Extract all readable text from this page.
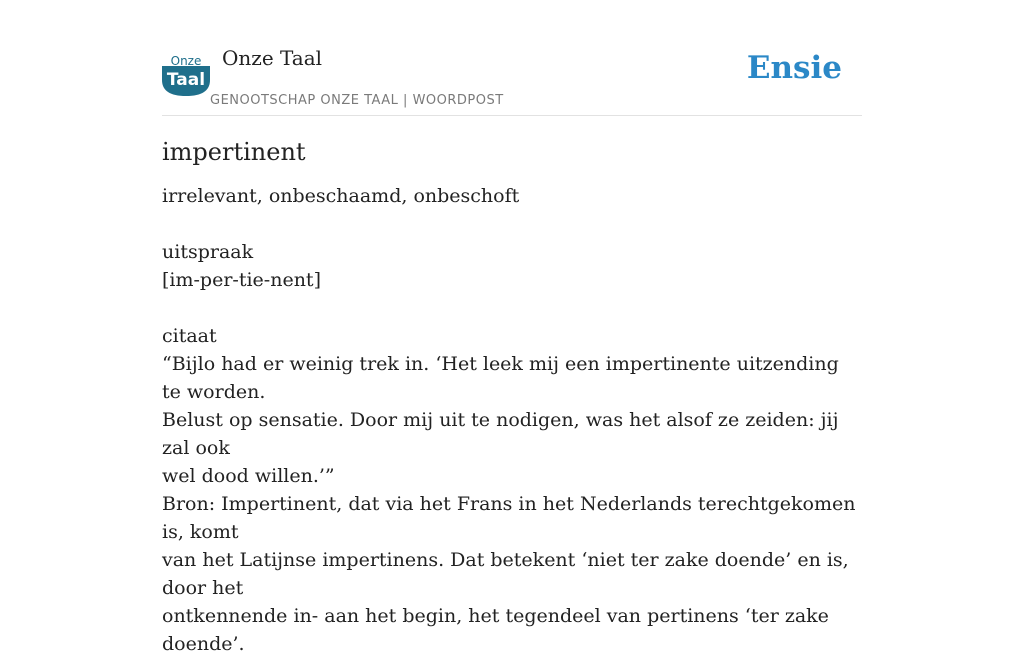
Onze
Taal
Onze Taal
GENOOTSCHAP ONZE TAAL | WOORDPOST
Ensie
impertinent

irrelevant, onbeschaamd, onbeschoft

uitspraak

[im-per-tie-nent]

citaat

“Bijlo had er weinig trek in. ‘Het leek mij een impertinente uitzending te worden.

Belust op sensatie. Door mij uit te nodigen, was het alsof ze zeiden: jij zal ook

wel dood willen.’”

Bron: Impertinent, dat via het Frans in het Nederlands terechtgekomen is, komt

van het Latijnse impertinens. Dat betekent ‘niet ter zake doende’ en is, door het

ontkennende in- aan het begin, het tegendeel van pertinens ‘ter zake doende’.
